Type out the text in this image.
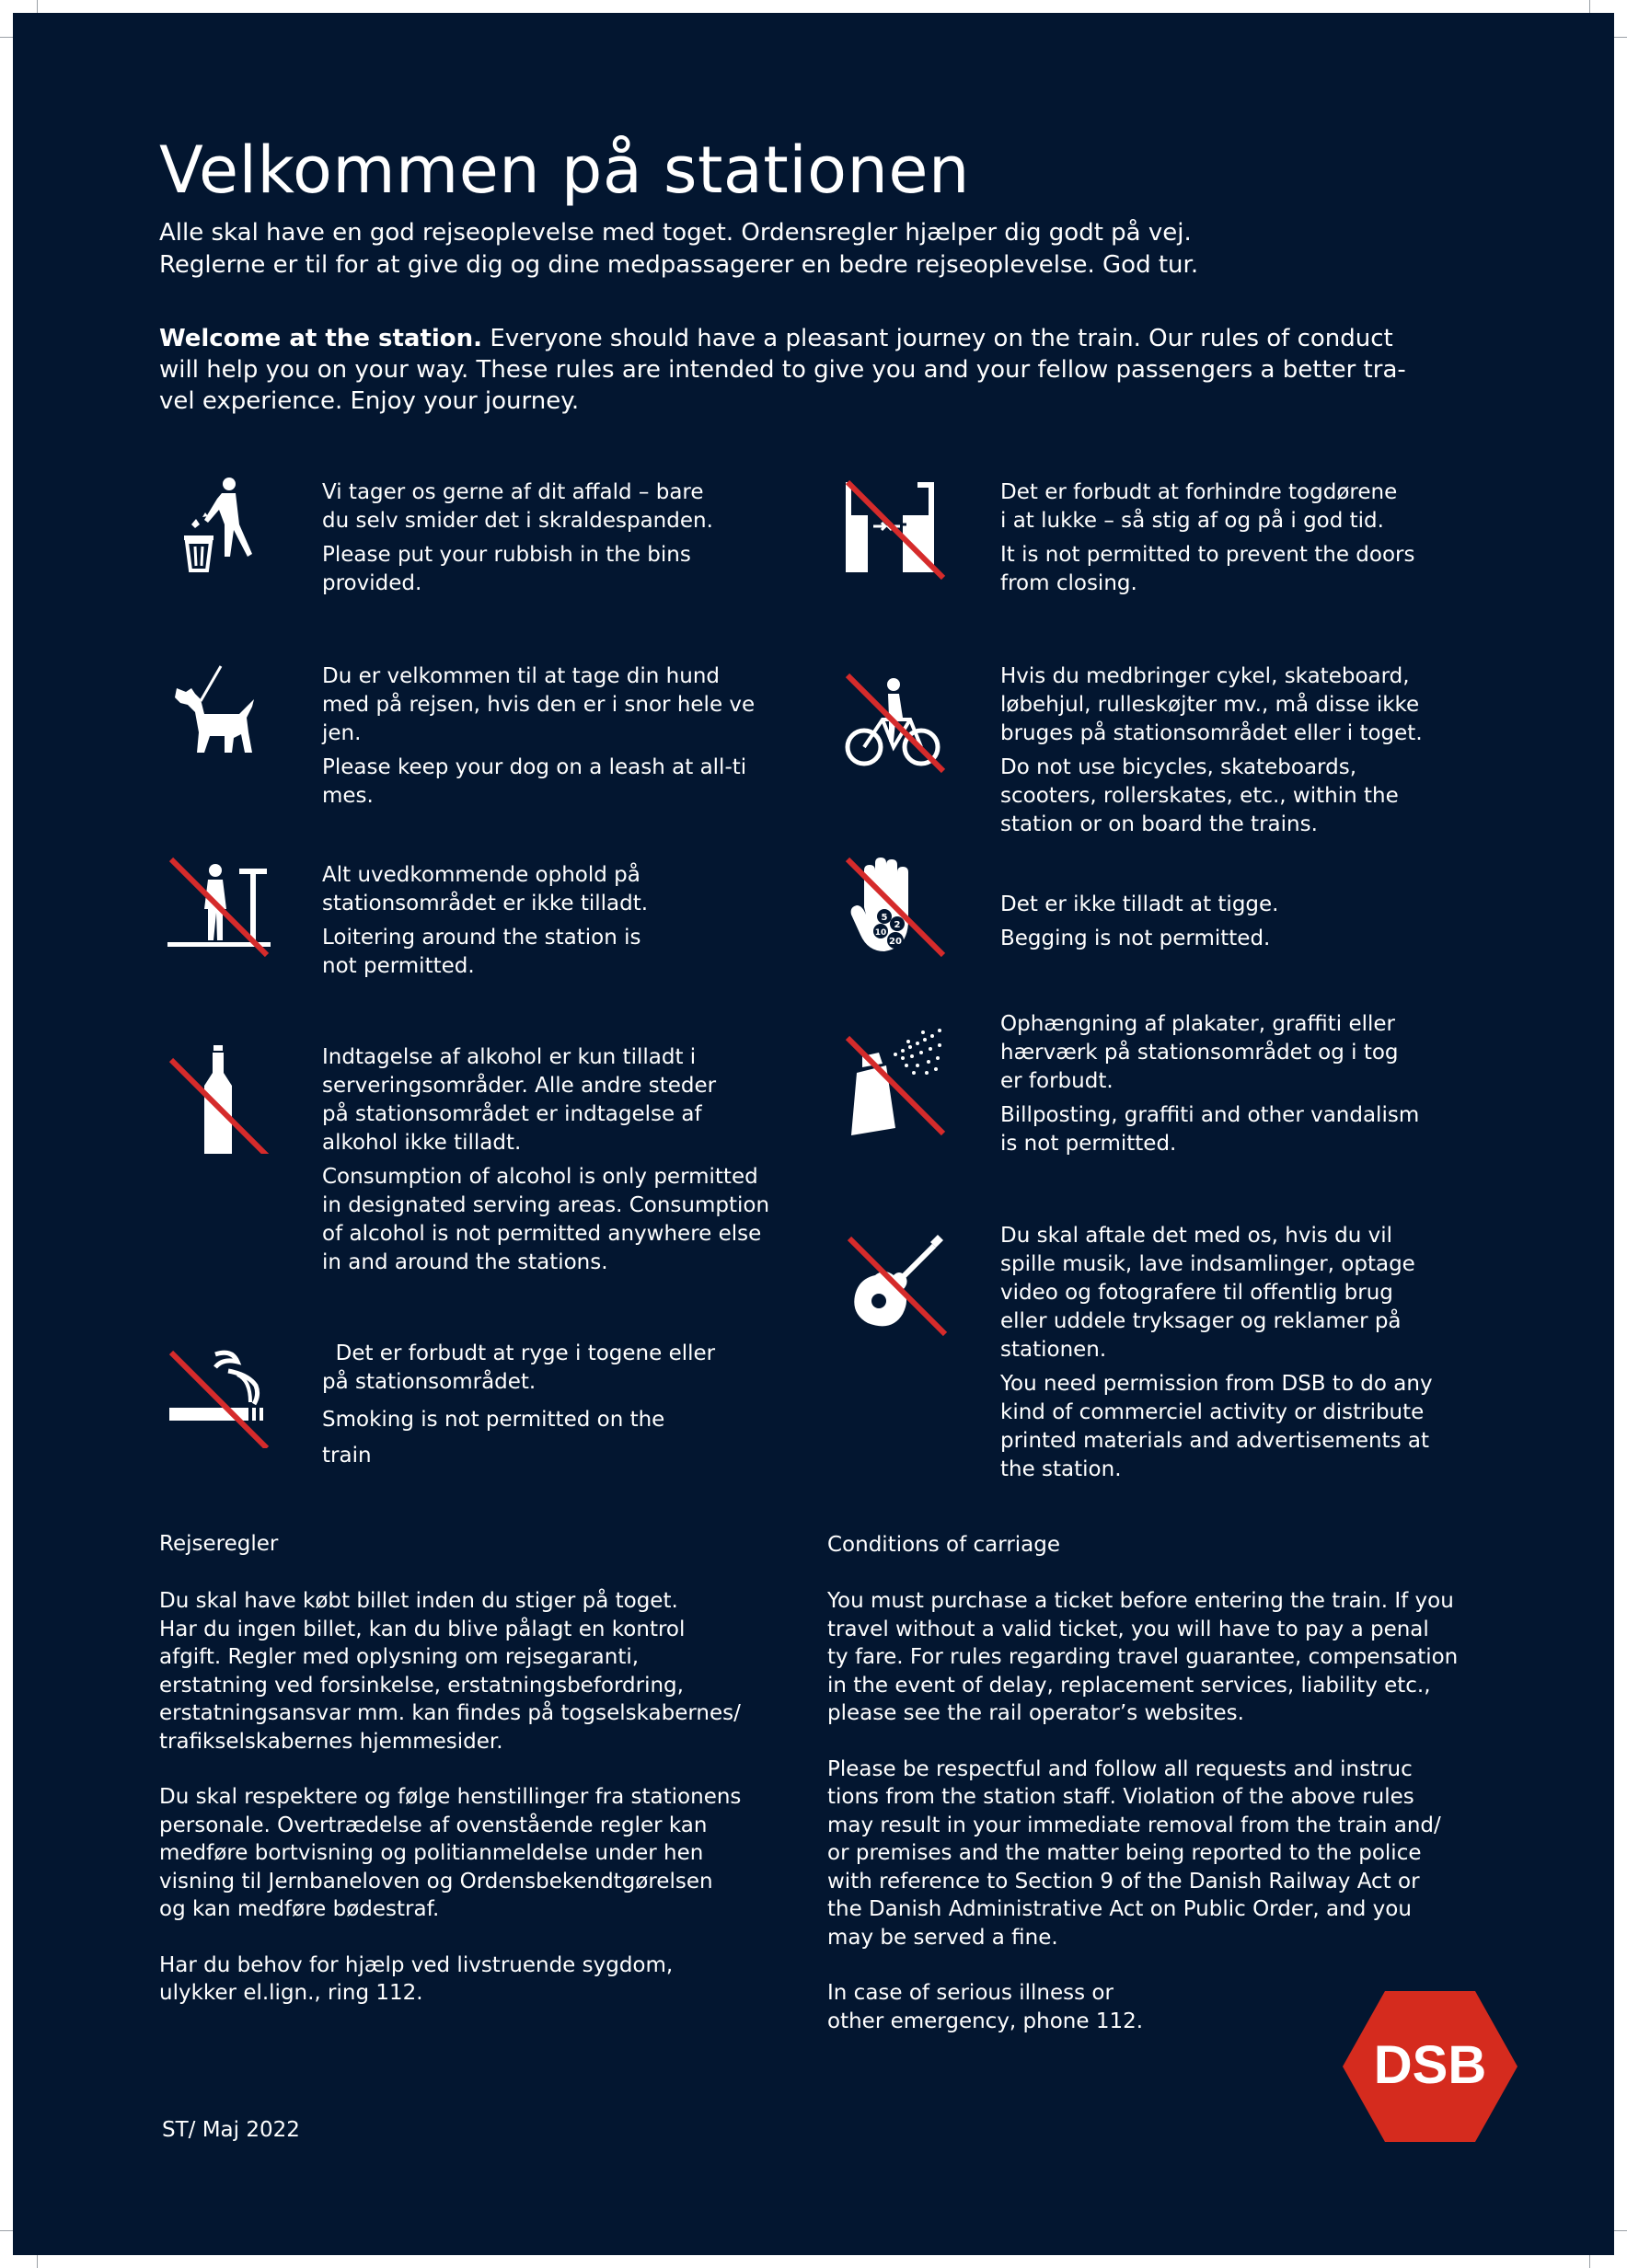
Velkommen på stationen

Alle skal have en god rejseoplevelse med toget. Ordensregler hjælper dig godt på vej.
Reglerne er til for at give dig og dine medpassagerer en bedre rejseoplevelse. God tur.

Welcome at the station. Everyone should have a pleasant journey on the train. Our rules of conduct
will help you on your way. These rules are intended to give you and your fellow passengers a better tra-
vel experience. Enjoy your journey.

Vi tager os gerne af dit affald – bare
du selv smider det i skraldespanden.

Please put your rubbish in the bins
provided.

Du er velkommen til at tage din hund
med på rejsen, hvis den er i snor hele ve
jen.

Please keep your dog on a leash at all-ti
mes.

Alt uvedkommende ophold på
stationsområdet er ikke tilladt.

Loitering around the station is
not permitted.

Indtagelse af alkohol er kun tilladt i
serveringsområder. Alle andre steder
på stationsområdet er indtagelse af
alkohol ikke tilladt.

Consumption of alcohol is only permitted
in designated serving areas. Consumption
of alcohol is not permitted anywhere else
in and around the stations.

Det er forbudt at ryge i togene eller
på stationsområdet.

Smoking is not permitted on the
train

Det er forbudt at forhindre togdørene
i at lukke – så stig af og på i god tid.

It is not permitted to prevent the doors
from closing.

Hvis du medbringer cykel, skateboard,
løbehjul, rulleskøjter mv., må disse ikke
bruges på stationsområdet eller i toget.

Do not use bicycles, skateboards,
scooters, rollerskates, etc., within the
station or on board the trains.

5
2
10
20

Det er ikke tilladt at tigge.

Begging is not permitted.

Ophængning af plakater, graffiti eller
hærværk på stationsområdet og i tog
er forbudt.

Billposting, graffiti and other vandalism
is not permitted.

Du skal aftale det med os, hvis du vil
spille musik, lave indsamlinger, optage
video og fotografere til offentlig brug
eller uddele tryksager og reklamer på
stationen.

You need permission from DSB to do any
kind of commerciel activity or distribute
printed materials and advertisements at
the station.

Rejseregler

Du skal have købt billet inden du stiger på toget.
Har du ingen billet, kan du blive pålagt en kontrol
afgift. Regler med oplysning om rejsegaranti,
erstatning ved forsinkelse, erstatningsbefordring,
erstatningsansvar mm. kan findes på togselskabernes/
trafikselskabernes hjemmesider.

Du skal respektere og følge henstillinger fra stationens
personale. Overtrædelse af ovenstående regler kan
medføre bortvisning og politianmeldelse under hen
visning til Jernbaneloven og Ordensbekendtgørelsen
og kan medføre bødestraf.

Har du behov for hjælp ved livstruende sygdom,
ulykker el.lign., ring 112.

Conditions of carriage

You must purchase a ticket before entering the train. If you
travel without a valid ticket, you will have to pay a penal
ty fare. For rules regarding travel guarantee, compensation
in the event of delay, replacement services, liability etc.,
please see the rail operator’s websites.

Please be respectful and follow all requests and instruc
tions from the station staff. Violation of the above rules
may result in your immediate removal from the train and/
or premises and the matter being reported to the police
with reference to Section 9 of the Danish Railway Act or
the Danish Administrative Act on Public Order, and you
may be served a fine.

In case of serious illness or
other emergency, phone 112.

ST/ Maj 2022
DSB
